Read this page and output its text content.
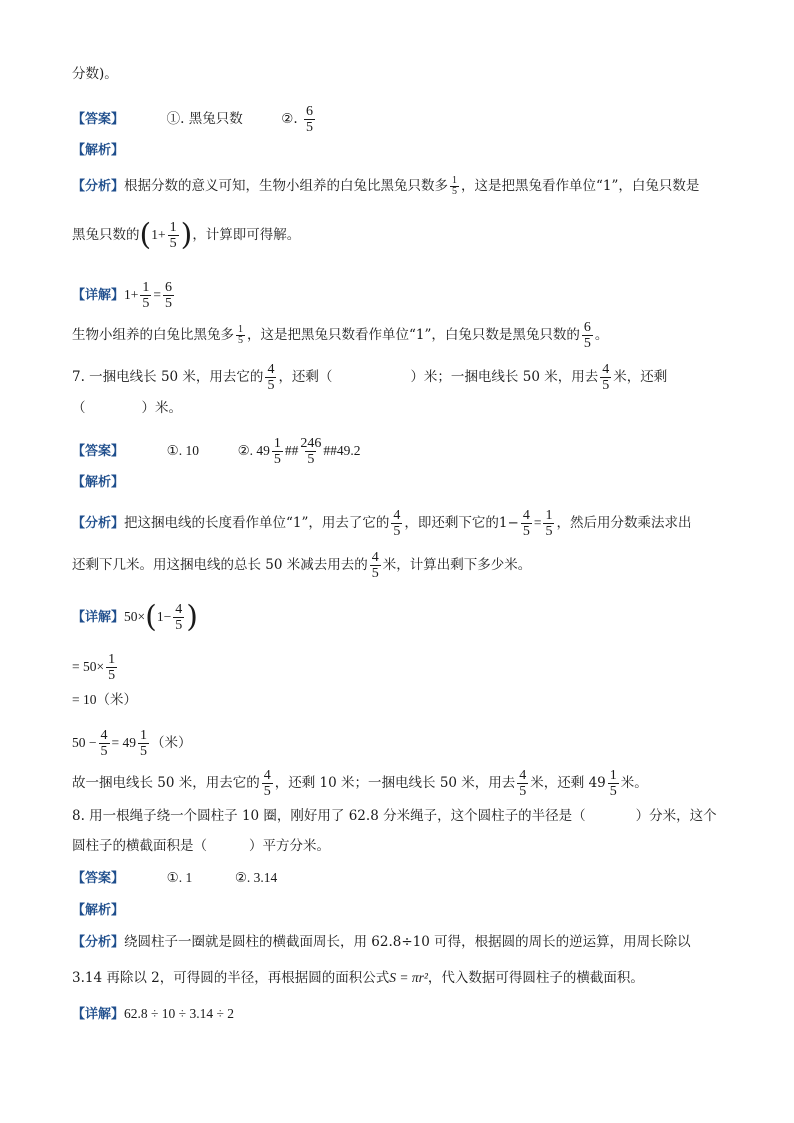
分数)。
【答案】	①. 黑兔只数	②. $\frac{6}{5}$
【解析】
【分析】根据分数的意义可知，生物小组养的白兔比黑兔只数多 $\frac{1}{5}$ ，这是把黑兔看作单位“1”，白兔只数是
黑兔只数的($1+ \frac{1}{5}$ )，计算即可得解。
【详解】$1+ \frac{1}{5} = \frac{6}{5}$
生物小组养的白兔比黑兔多 $\frac{1}{5}$ ，这是把黑兔只数看作单位“1”，白兔只数是黑兔只数的 $\frac{6}{5}$ 。
7. 一捆电线长 50 米，用去它的 $\frac{4}{5}$ ，还剩（	）米；一捆电线长 50 米，用去 $\frac{4}{5}$ 米，还剩
（	）米。
【答案】	①. 10	②. $49 \frac{1}{5}$ ## $\frac{246}{5}$ ##49.2
【解析】
【分析】把这捆电线的长度看作单位“1”，用去了它的 $\frac{4}{5}$ ，即还剩下它的$1- \frac{4}{5} = \frac{1}{5}$ ，然后用分数乘法求出
还剩下几米。用这捆电线的总长 50 米减去用去的 $\frac{4}{5}$ 米，计算出剩下多少米。
【详解】$50\times(1- \frac{4}{5}$ )
= $50\times \frac{1}{5}$
= 10（米）
$50 - \frac{4}{5} = 49 \frac{1}{5}$ （米）
故一捆电线长 50 米，用去它的 $\frac{4}{5}$ ，还剩 10 米；一捆电线长 50 米，用去 $\frac{4}{5}$ 米，还剩 $49 \frac{1}{5}$ 米。
8. 用一根绳子绕一个圆柱子 10 圈，刚好用了 62.8 分米绳子，这个圆柱子的半径是（	）分米，这个
圆柱子的横截面积是（	）平方分米。
【答案】	①. 1	②. 3.14
【解析】
【分析】绕圆柱子一圈就是圆柱的横截面周长，用 62.8÷10 可得，根据圆的周长的逆运算，用周长除以
3.14 再除以 2，可得圆的半径，再根据圆的面积公式S = πr²，代入数据可得圆柱子的横截面积。
【详解】62.8 ÷ 10 ÷ 3.14 ÷ 2
